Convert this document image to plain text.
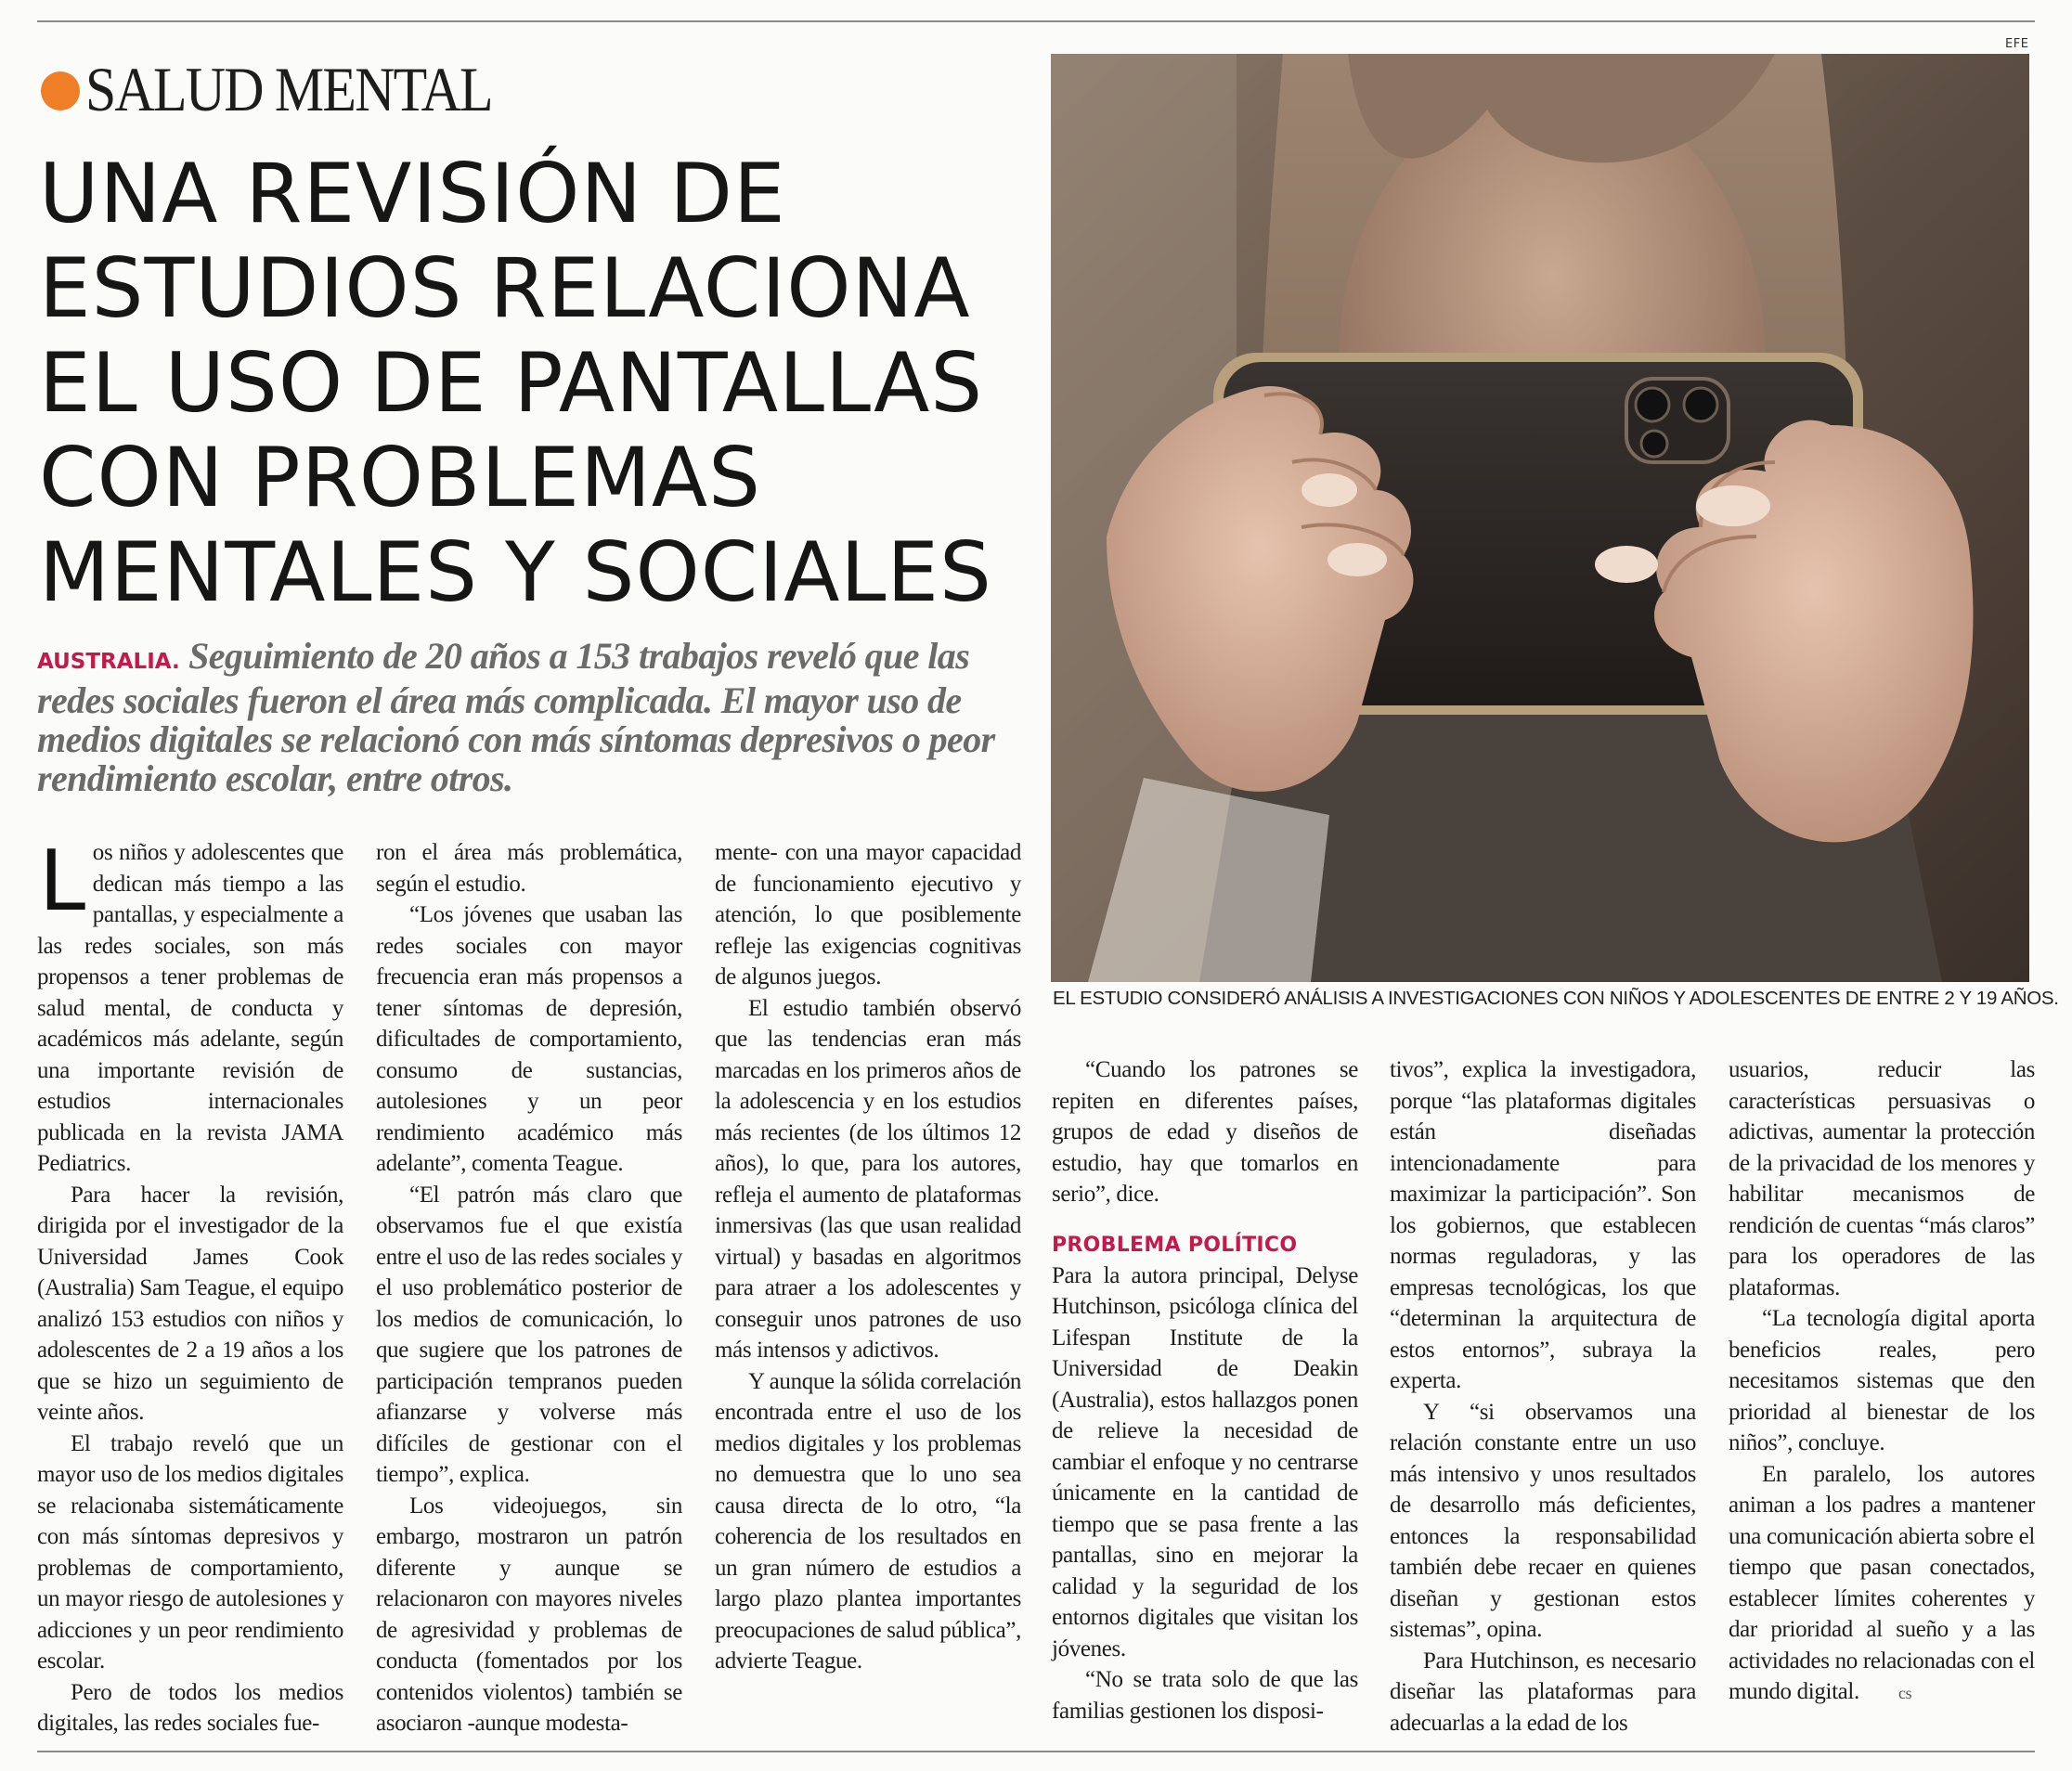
SALUD MENTAL
UNA REVISIÓN DE ESTUDIOS RELACIONA EL USO DE PANTALLAS CON PROBLEMAS MENTALES Y SOCIALES

AUSTRALIA. Seguimiento de 20 años a 153 trabajos reveló que las redes sociales fueron el área más complicada. El mayor uso de medios digitales se relacionó con más síntomas depresivos o peor rendimiento escolar, entre otros.

EFE
EL ESTUDIO CONSIDERÓ ANÁLISIS A INVESTIGACIONES CON NIÑOS Y ADOLESCENTES DE ENTRE 2 Y 19 AÑOS.

Los niños y adolescentes que dedican más tiempo a las pantallas, y especialmente a las redes sociales, son más propensos a tener problemas de salud mental, de conducta y académicos más adelante, según una importante revisión de estudios internacionales publicada en la revista JAMA Pediatrics.

Para hacer la revisión, dirigida por el investigador de la Universidad James Cook (Australia) Sam Teague, el equipo analizó 153 estudios con niños y adolescentes de 2 a 19 años a los que se hizo un seguimiento de veinte años.

El trabajo reveló que un mayor uso de los medios digitales se relacionaba sistemáticamente con más síntomas depresivos y problemas de comportamiento, un mayor riesgo de autolesiones y adicciones y un peor rendimiento escolar.

Pero de todos los medios digitales, las redes sociales fue-

ron el área más problemática, según el estudio.

“Los jóvenes que usaban las redes sociales con mayor frecuencia eran más propensos a tener síntomas de depresión, dificultades de comportamiento, consumo de sustancias, autolesiones y un peor rendimiento académico más adelante”, comenta Teague.

“El patrón más claro que observamos fue el que existía entre el uso de las redes sociales y el uso problemático posterior de los medios de comunicación, lo que sugiere que los patrones de participación tempranos pueden afianzarse y volverse más difíciles de gestionar con el tiempo”, explica.

Los videojuegos, sin embargo, mostraron un patrón diferente y aunque se relacionaron con mayores niveles de agresividad y problemas de conducta (fomentados por los contenidos violentos) también se asociaron -aunque modesta-

mente- con una mayor capacidad de funcionamiento ejecutivo y atención, lo que posiblemente refleje las exigencias cognitivas de algunos juegos.

El estudio también observó que las tendencias eran más marcadas en los primeros años de la adolescencia y en los estudios más recientes (de los últimos 12 años), lo que, para los autores, refleja el aumento de plataformas inmersivas (las que usan realidad virtual) y basadas en algoritmos para atraer a los adolescentes y conseguir unos patrones de uso más intensos y adictivos.

Y aunque la sólida correlación encontrada entre el uso de los medios digitales y los problemas no demuestra que lo uno sea causa directa de lo otro, “la coherencia de los resultados en un gran número de estudios a largo plazo plantea importantes preocupaciones de salud pública”, advierte Teague.

“Cuando los patrones se repiten en diferentes países, grupos de edad y diseños de estudio, hay que tomarlos en serio”, dice.

PROBLEMA POLÍTICO

Para la autora principal, Delyse Hutchinson, psicóloga clínica del Lifespan Institute de la Universidad de Deakin (Australia), estos hallazgos ponen de relieve la necesidad de cambiar el enfoque y no centrarse únicamente en la cantidad de tiempo que se pasa frente a las pantallas, sino en mejorar la calidad y la seguridad de los entornos digitales que visitan los jóvenes.

“No se trata solo de que las familias gestionen los disposi-

tivos”, explica la investigadora, porque “las plataformas digitales están diseñadas intencionadamente para maximizar la participación”. Son los gobiernos, que establecen normas reguladoras, y las empresas tecnológicas, los que “determinan la arquitectura de estos entornos”, subraya la experta.

Y “si observamos una relación constante entre un uso más intensivo y unos resultados de desarrollo más deficientes, entonces la responsabilidad también debe recaer en quienes diseñan y gestionan estos sistemas”, opina.

Para Hutchinson, es necesario diseñar las plataformas para adecuarlas a la edad de los

usuarios, reducir las características persuasivas o adictivas, aumentar la protección de la privacidad de los menores y habilitar mecanismos de rendición de cuentas “más claros” para los operadores de las plataformas.

“La tecnología digital aporta beneficios reales, pero necesitamos sistemas que den prioridad al bienestar de los niños”, concluye.

En paralelo, los autores animan a los padres a mantener una comunicación abierta sobre el tiempo que pasan conectados, establecer límites coherentes y dar prioridad al sueño y a las actividades no relacionadas con el mundo digital. cs
